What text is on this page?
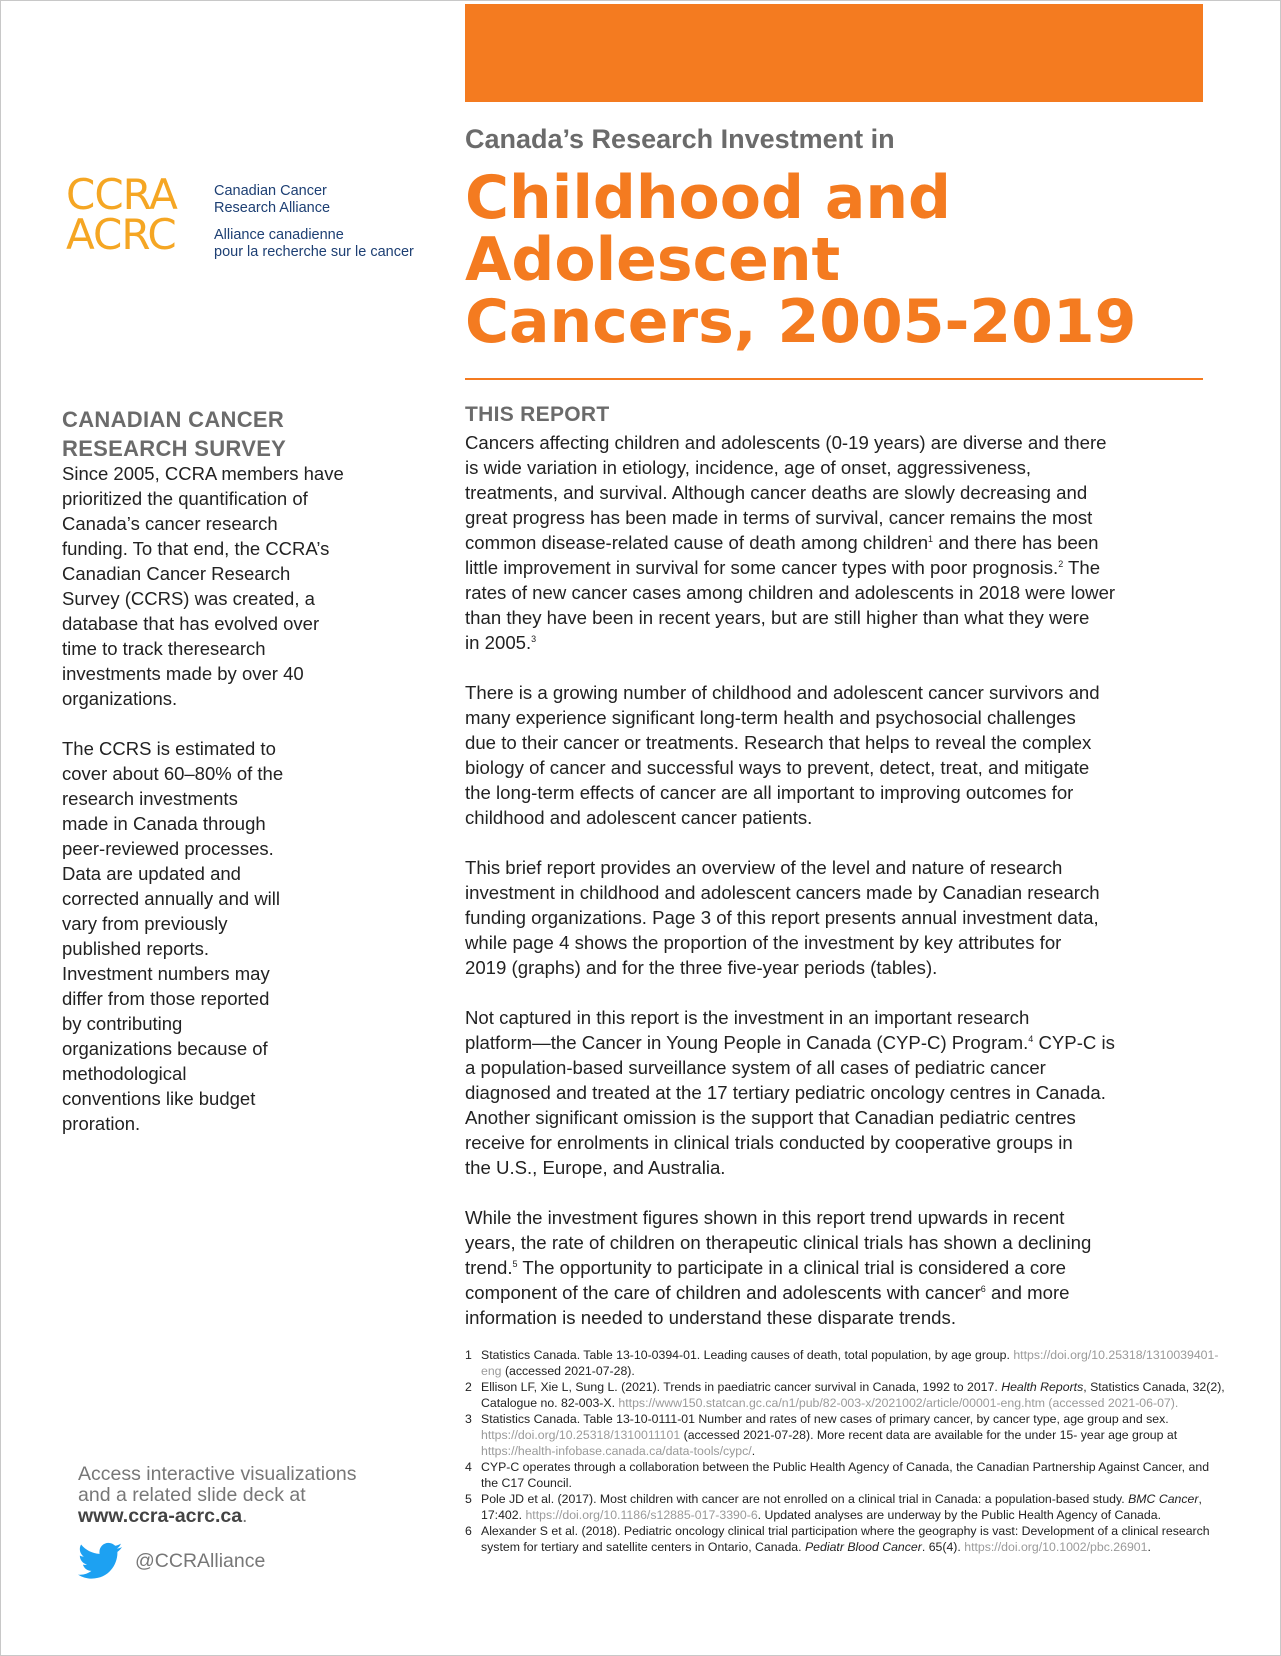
CCRA
ACRC
Canadian Cancer
Research Alliance
Alliance canadienne
pour la recherche sur le cancer
Canada’s Research Investment in
Childhood and
Adolescent
Cancers, 2005-2019
CANADIAN CANCER
RESEARCH SURVEY

Since 2005, CCRA members have
prioritized the quantification of
Canada’s cancer research
funding. To that end, the CCRA’s
Canadian Cancer Research
Survey (CCRS) was created, a
database that has evolved over
time to track theresearch
investments made by over 40
organizations.

The CCRS is estimated to
cover about 60–80% of the
research investments
made in Canada through
peer-reviewed processes.
Data are updated and
corrected annually and will
vary from previously
published reports.
Investment numbers may
differ from those reported
by contributing
organizations because of
methodological
conventions like budget
proration.

THIS REPORT

Cancers affecting children and adolescents (0-19 years) are diverse and there
is wide variation in etiology, incidence, age of onset, aggressiveness,
treatments, and survival. Although cancer deaths are slowly decreasing and
great progress has been made in terms of survival, cancer remains the most
common disease-related cause of death among children$^1$ and there has been
little improvement in survival for some cancer types with poor prognosis.$^2$ The
rates of new cancer cases among children and adolescents in 2018 were lower
than they have been in recent years, but are still higher than what they were
in 2005.$^3$

There is a growing number of childhood and adolescent cancer survivors and
many experience significant long-term health and psychosocial challenges
due to their cancer or treatments. Research that helps to reveal the complex
biology of cancer and successful ways to prevent, detect, treat, and mitigate
the long-term effects of cancer are all important to improving outcomes for
childhood and adolescent cancer patients.

This brief report provides an overview of the level and nature of research
investment in childhood and adolescent cancers made by Canadian research
funding organizations. Page 3 of this report presents annual investment data,
while page 4 shows the proportion of the investment by key attributes for
2019 (graphs) and for the three five-year periods (tables).

Not captured in this report is the investment in an important research
platform—the Cancer in Young People in Canada (CYP-C) Program.$^4$ CYP-C is
a population-based surveillance system of all cases of pediatric cancer
diagnosed and treated at the 17 tertiary pediatric oncology centres in Canada.
Another significant omission is the support that Canadian pediatric centres
receive for enrolments in clinical trials conducted by cooperative groups in
the U.S., Europe, and Australia.

While the investment figures shown in this report trend upwards in recent
years, the rate of children on therapeutic clinical trials has shown a declining
trend.$^5$ The opportunity to participate in a clinical trial is considered a core
component of the care of children and adolescents with cancer$^6$ and more
information is needed to understand these disparate trends.

1 Statistics Canada. Table 13-10-0394-01. Leading causes of death, total population, by age group. https://doi.org/10.25318/1310039401-eng (accessed 2021-07-28).
2 Ellison LF, Xie L, Sung L. (2021). Trends in paediatric cancer survival in Canada, 1992 to 2017. Health Reports, Statistics Canada, 32(2), Catalogue no. 82-003-X. https://www150.statcan.gc.ca/n1/pub/82-003-x/2021002/article/00001-eng.htm (accessed 2021-06-07).
3 Statistics Canada. Table 13-10-0111-01 Number and rates of new cases of primary cancer, by cancer type, age group and sex. https://doi.org/10.25318/1310011101 (accessed 2021-07-28). More recent data are available for the under 15- year age group at https://health-infobase.canada.ca/data-tools/cypc/.
4 CYP-C operates through a collaboration between the Public Health Agency of Canada, the Canadian Partnership Against Cancer, and the C17 Council.
5 Pole JD et al. (2017). Most children with cancer are not enrolled on a clinical trial in Canada: a population-based study. BMC Cancer, 17:402. https://doi.org/10.1186/s12885-017-3390-6. Updated analyses are underway by the Public Health Agency of Canada.
6 Alexander S et al. (2018). Pediatric oncology clinical trial participation where the geography is vast: Development of a clinical research system for tertiary and satellite centers in Ontario, Canada. Pediatr Blood Cancer. 65(4). https://doi.org/10.1002/pbc.26901.
Access interactive visualizations
and a related slide deck at
www.ccra-acrc.ca.
@CCRAlliance
